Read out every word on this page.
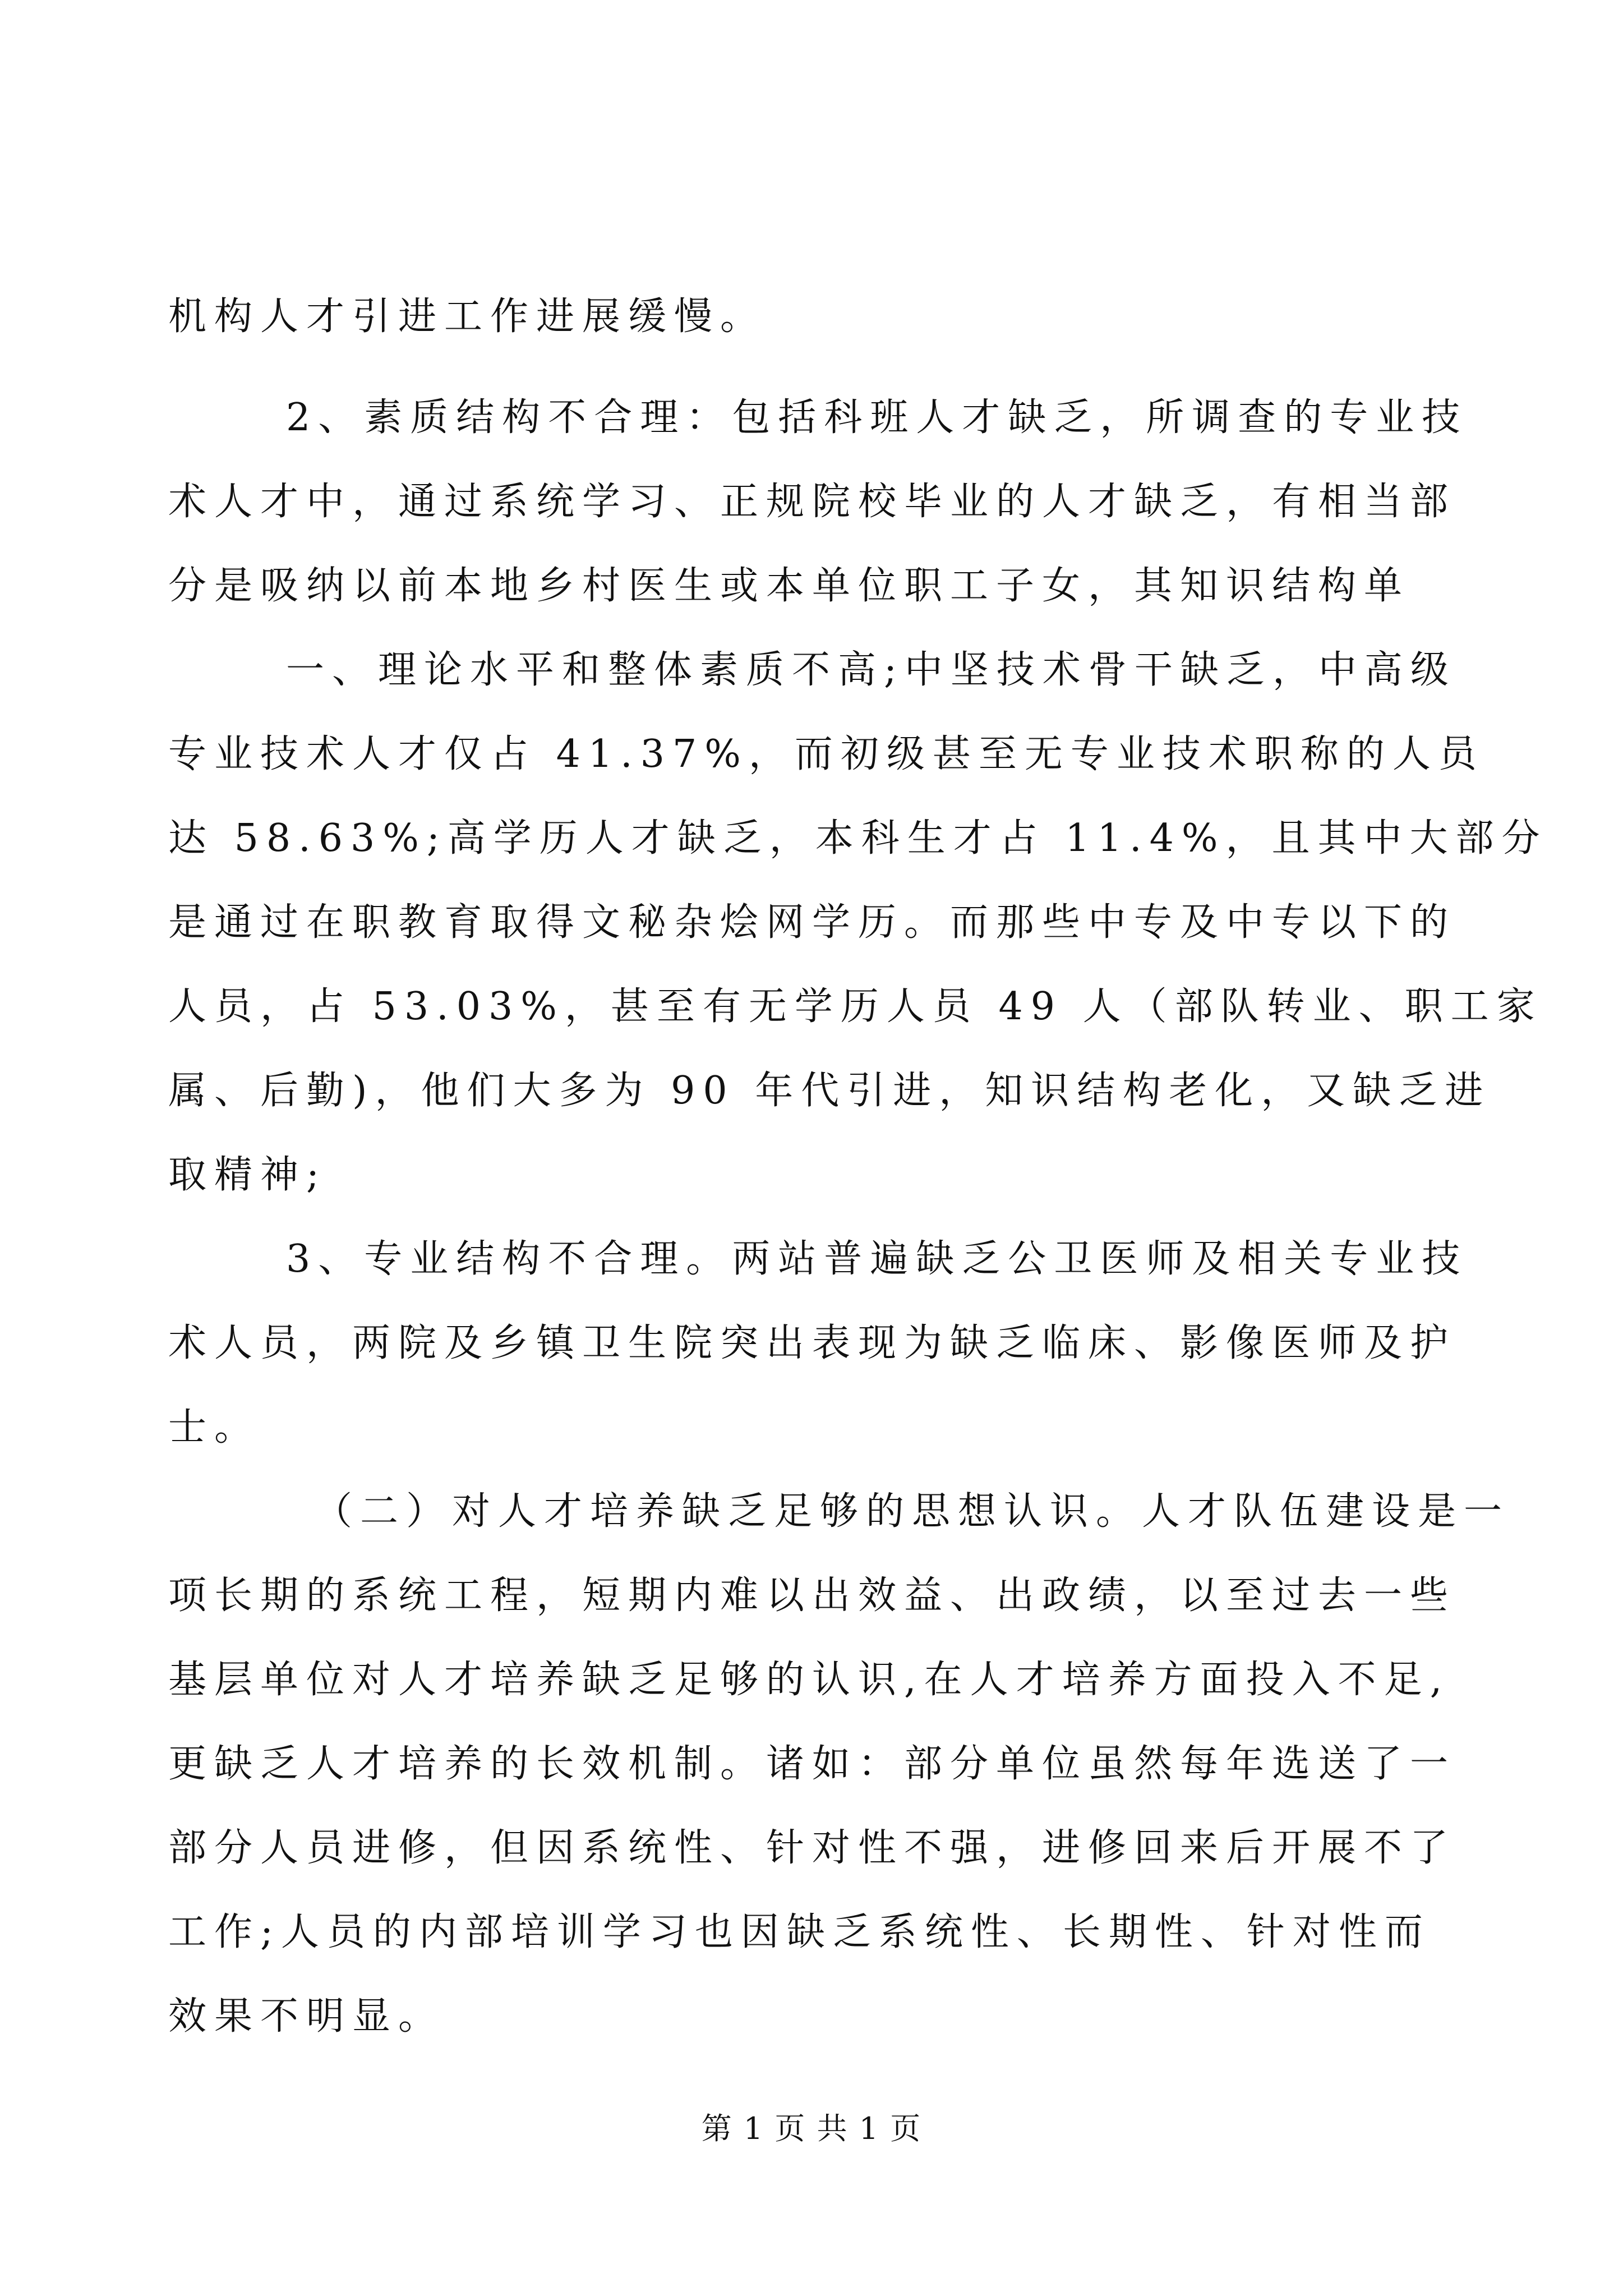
机构人才引进工作进展缓慢。
2、素质结构不合理：包括科班人才缺乏，所调查的专业技
术人才中，通过系统学习、正规院校毕业的人才缺乏，有相当部
分是吸纳以前本地乡村医生或本单位职工子女，其知识结构单
一、理论水平和整体素质不高;中坚技术骨干缺乏，中高级
专业技术人才仅占 41.37%，而初级甚至无专业技术职称的人员
达 58.63%;高学历人才缺乏，本科生才占 11.4%，且其中大部分
是通过在职教育取得文秘杂烩网学历。而那些中专及中专以下的
人员，占 53.03%，甚至有无学历人员 49 人（部队转业、职工家
属、后勤)，他们大多为 90 年代引进，知识结构老化，又缺乏进
取精神;
3、专业结构不合理。两站普遍缺乏公卫医师及相关专业技
术人员，两院及乡镇卫生院突出表现为缺乏临床、影像医师及护
士。
（二）对人才培养缺乏足够的思想认识。人才队伍建设是一
项长期的系统工程，短期内难以出效益、出政绩，以至过去一些
基层单位对人才培养缺乏足够的认识,在人才培养方面投入不足,
更缺乏人才培养的长效机制。诸如：部分单位虽然每年选送了一
部分人员进修，但因系统性、针对性不强，进修回来后开展不了
工作;人员的内部培训学习也因缺乏系统性、长期性、针对性而
效果不明显。
第 1 页 共 1 页
